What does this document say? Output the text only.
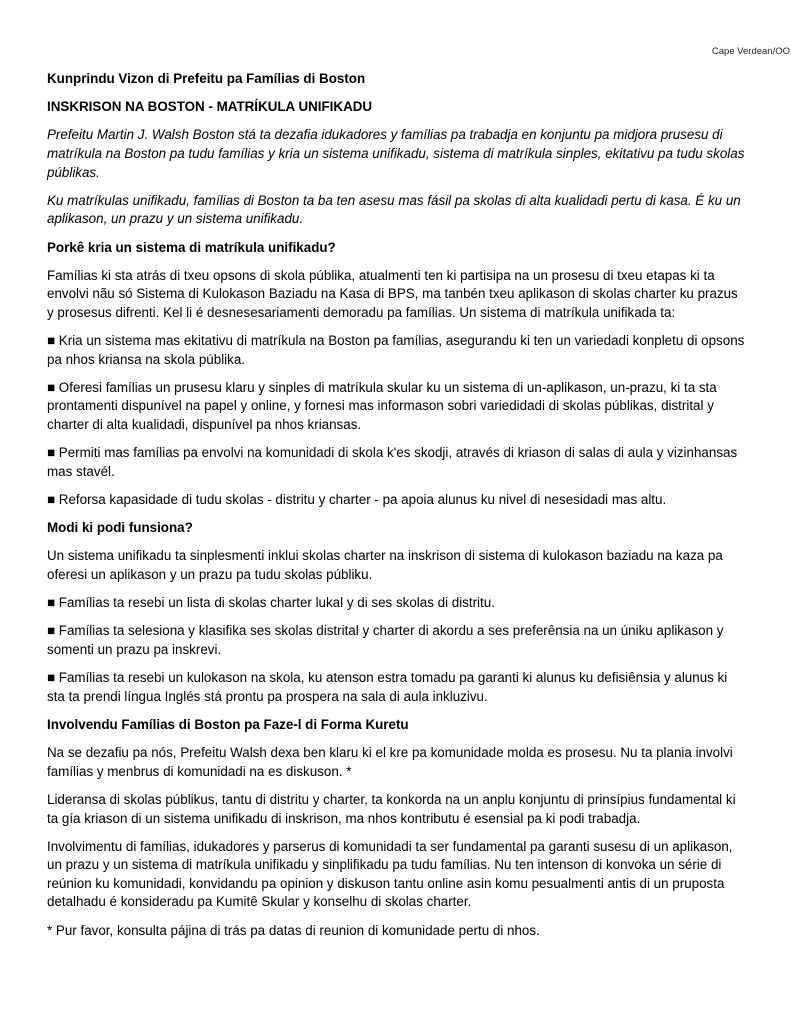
Cape Verdean/OO

Kunprindu Vizon di Prefeitu pa Famílias di Boston

INSKRISON NA BOSTON - MATRÍKULA UNIFIKADU

Prefeitu Martin J. Walsh Boston stá ta dezafia idukadores y famílias pa trabadja en konjuntu pa midjora prusesu di matríkula na Boston pa tudu famílias y kria un sistema unifikadu, sistema di matríkula sinples, ekitativu pa tudu skolas públikas.

Ku matríkulas unifikadu, famílias di Boston ta ba ten asesu mas fásil pa skolas di alta kualidadi pertu di kasa. É ku un aplikason, un prazu y un sistema unifikadu.

Porkê kria un sistema di matríkula unifikadu?

Famílias ki sta atrás di txeu opsons di skola públika, atualmenti ten ki partisipa na un prosesu di txeu etapas ki ta envolvi nãu só Sistema di Kulokason Baziadu na Kasa di BPS, ma tanbén txeu aplikason di skolas charter ku prazus y prosesus difrenti. Kel li é desnesesariamenti demoradu pa famílias. Un sistema di matríkula unifikada ta:

■ Kria un sistema mas ekitativu di matríkula na Boston pa famílias, asegurandu ki ten un variedadi konpletu di opsons pa nhos kriansa na skola públika.

■ Oferesi famílias un prusesu klaru y sinples di matríkula skular ku un sistema di un-aplikason, un-prazu, ki ta sta prontamenti dispunível na papel y online, y fornesi mas informason sobri variedidadi di skolas públikas, distrital y charter di alta kualidadi, dispunível pa nhos kriansas.

■ Permiti mas famílias pa envolvi na komunidadi di skola k'es skodji, através di kriason di salas di aula y vizinhansas mas stavél.

■ Reforsa kapasidade di tudu skolas - distritu y charter - pa apoia alunus ku nivel di nesesidadi mas altu.

Modi ki podi funsiona?

Un sistema unifikadu ta sinplesmenti inklui skolas charter na inskrison di sistema di kulokason baziadu na kaza pa oferesi un aplikason y un prazu pa tudu skolas públiku.

■ Famílias ta resebi un lista di skolas charter lukal y di ses skolas di distritu.

■ Famílias ta selesiona y klasifika ses skolas distrital y charter di akordu a ses preferênsia na un úniku aplikason y somenti un prazu pa inskrevi.

■ Famílias ta resebi un kulokason na skola, ku atenson estra tomadu pa garanti ki alunus ku defisiênsia y alunus ki sta ta prendi língua Inglés stá prontu pa prospera na sala di aula inkluzivu.

Involvendu Famílias di Boston pa Faze-l di Forma Kuretu

Na se dezafiu pa nós, Prefeitu Walsh dexa ben klaru ki el kre pa komunidade molda es prosesu. Nu ta plania involvi famílias y menbrus di komunidadi na es diskuson. *

Lideransa di skolas públikus, tantu di distritu y charter, ta konkorda na un anplu konjuntu di prinsípius fundamental ki ta gía kriason di un sistema unifikadu di inskrison, ma nhos kontributu é esensial pa ki podi trabadja.

Involvimentu di famílias, idukadores y parserus di komunidadi ta ser fundamental pa garanti susesu di un aplikason, un prazu y un sistema di matríkula unifikadu y sinplifikadu pa tudu famílias. Nu ten intenson di konvoka un série di reúnion ku komunidadi, konvidandu pa opinion y diskuson tantu online asin komu pesualmenti antis di un pruposta detalhadu é konsideradu pa Kumitê Skular y konselhu di skolas charter.

* Pur favor, konsulta pájina di trás pa datas di reunion di komunidade pertu di nhos.
